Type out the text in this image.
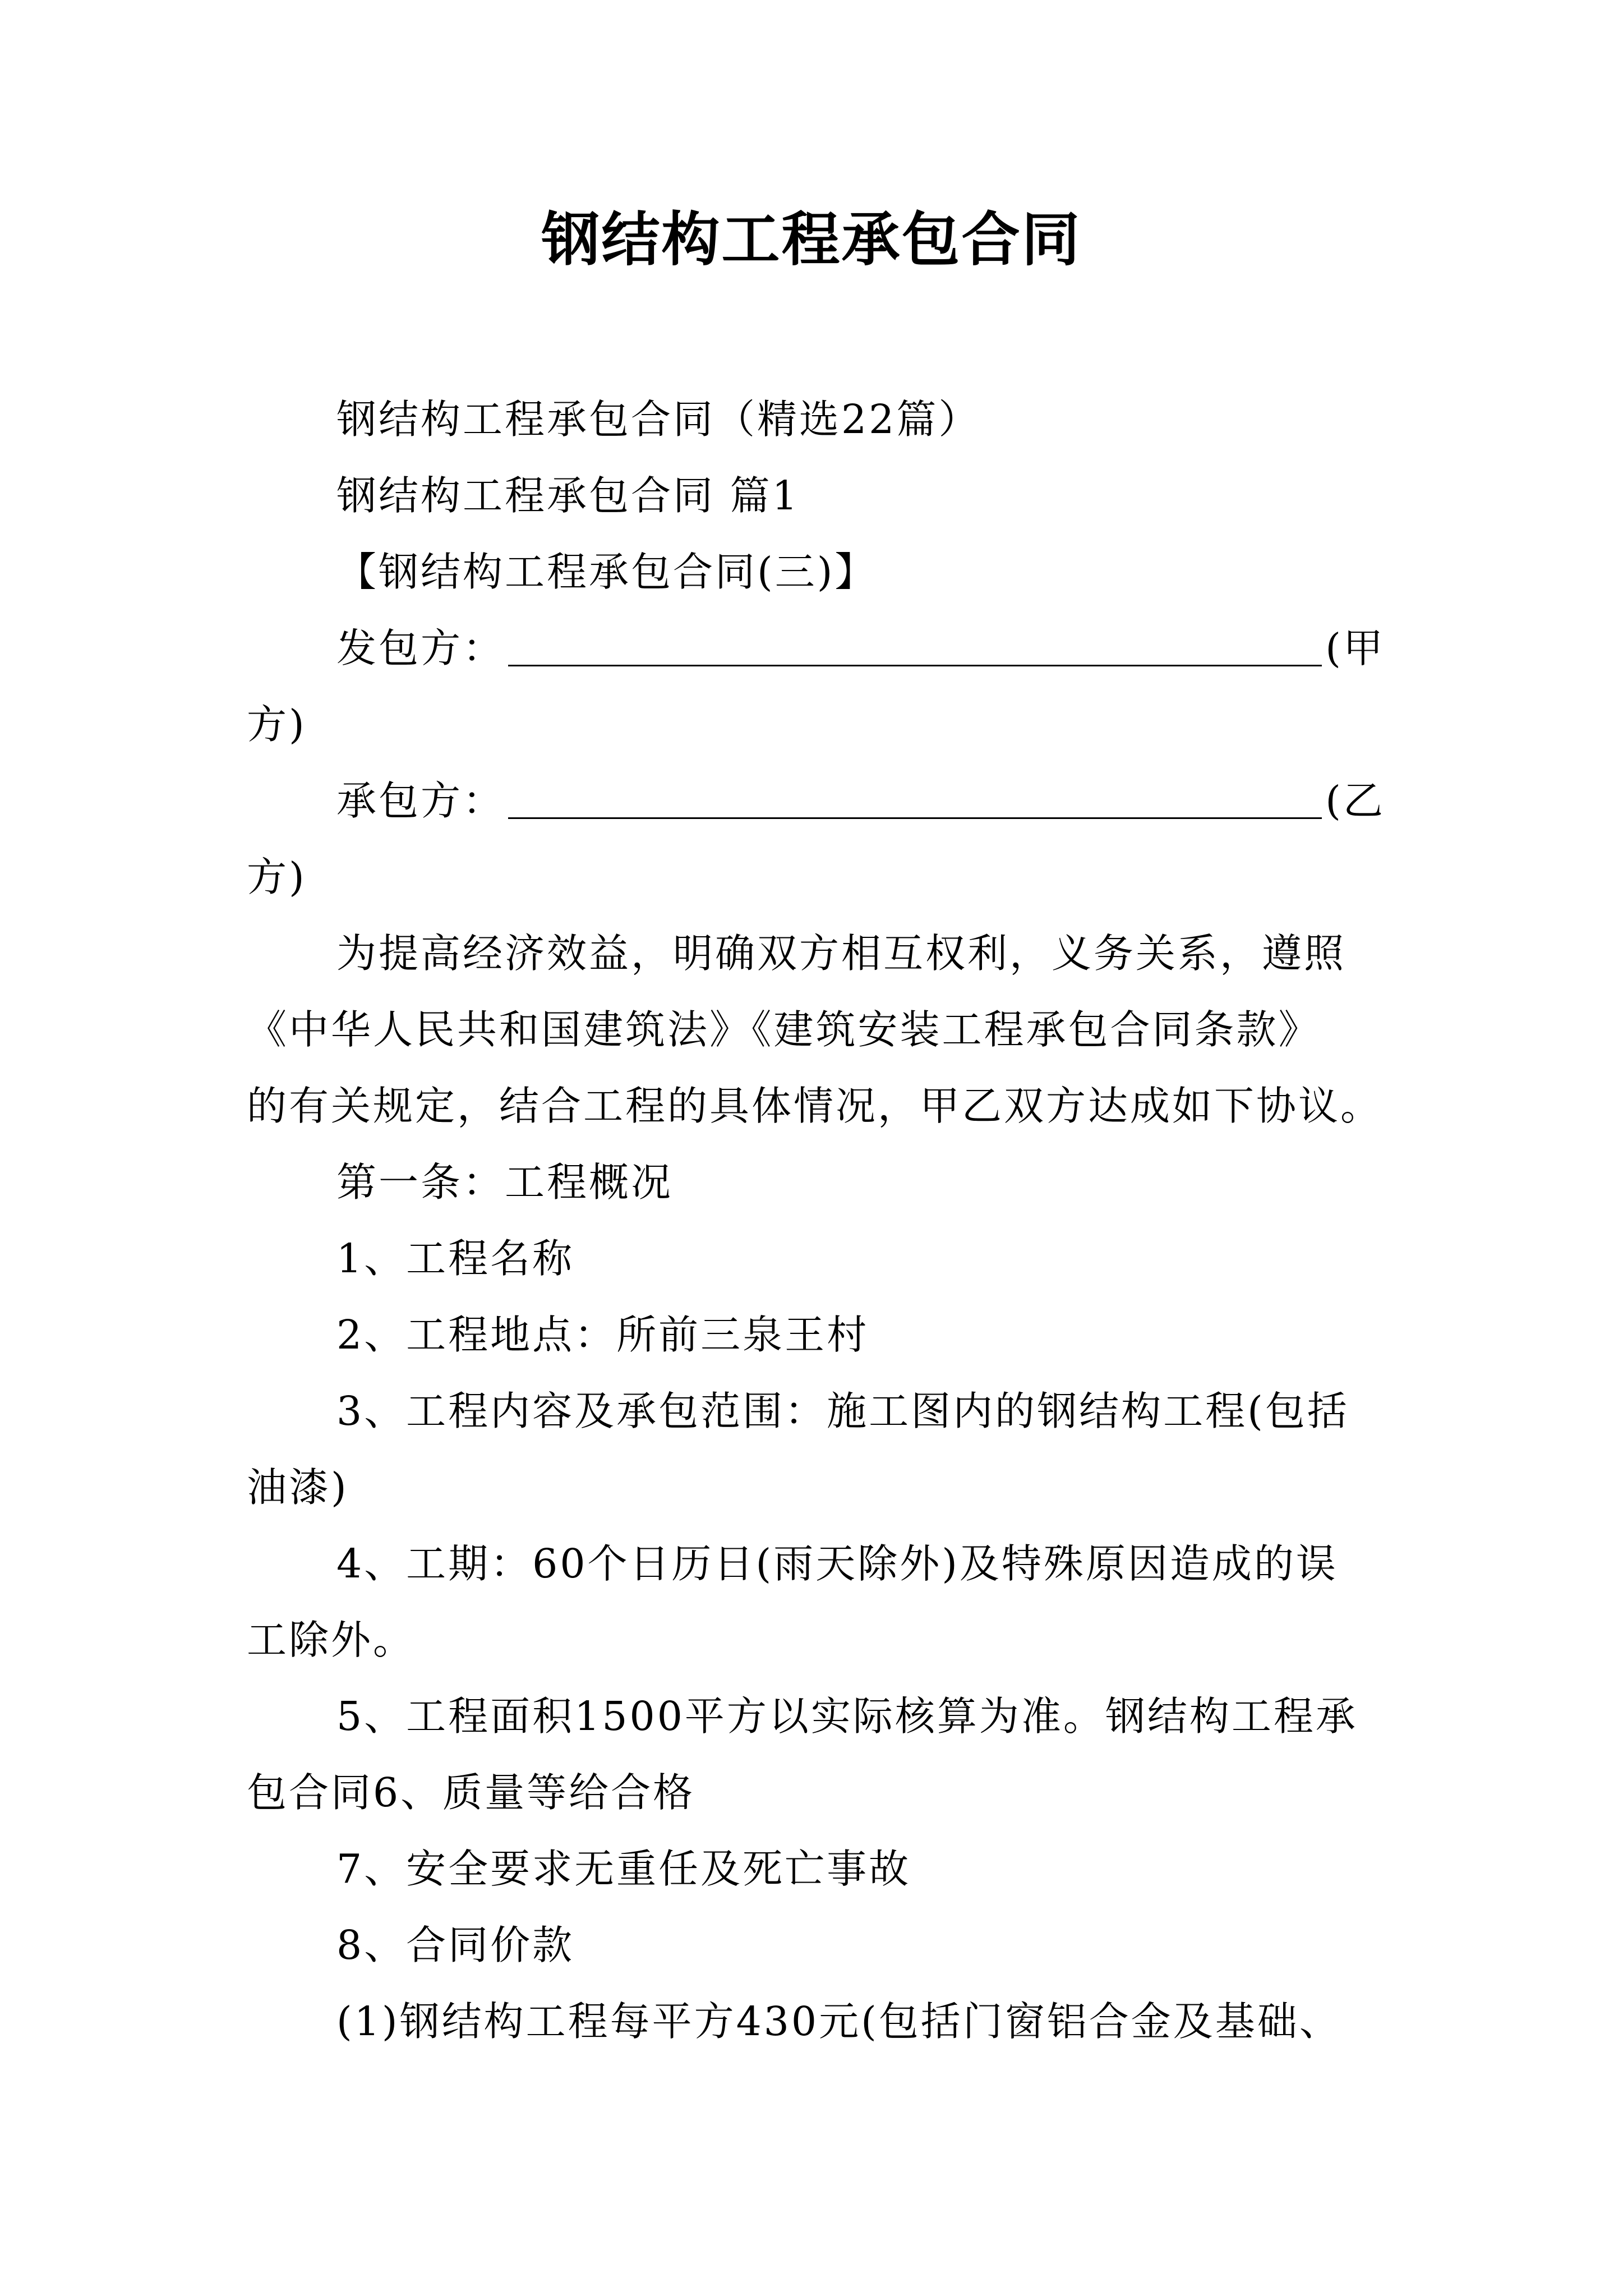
钢结构工程承包合同

钢结构工程承包合同（精选22篇）

钢结构工程承包合同 篇1

【钢结构工程承包合同(三)】

发包方：	(甲

方)

承包方：	(乙

方)

为提高经济效益，明确双方相互权利，义务关系，遵照

《中华人民共和国建筑法》《建筑安装工程承包合同条款》

的有关规定，结合工程的具体情况，甲乙双方达成如下协议。

第一条：工程概况

1、工程名称

2、工程地点：所前三泉王村

3、工程内容及承包范围：施工图内的钢结构工程(包括

油漆)

4、工期：60个日历日(雨天除外)及特殊原因造成的误

工除外。

5、工程面积1500平方以实际核算为准。钢结构工程承

包合同6、质量等给合格

7、安全要求无重任及死亡事故

8、合同价款

(1)钢结构工程每平方430元(包括门窗铝合金及基础、
